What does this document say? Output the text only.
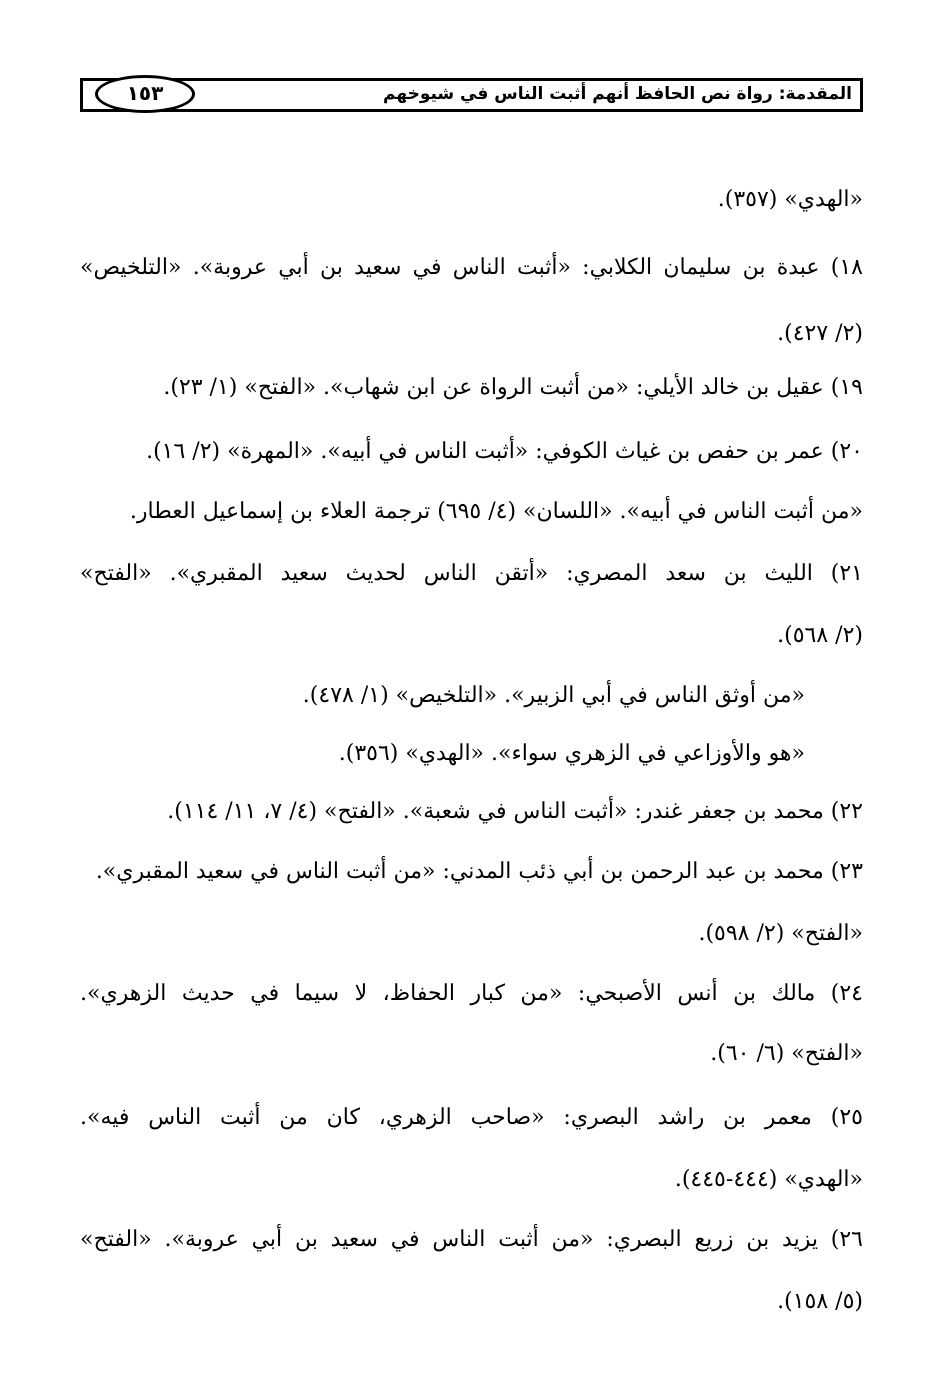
المقدمة: رواة نص الحافظ أنهم أثبت الناس في شيوخهم
١٥٣
«الهدي» (٣٥٧).
١٨) عبدة بن سليمان الكلابي: «أثبت الناس في سعيد بن أبي عروبة». «التلخيص»
(٢/ ٤٢٧).
١٩) عقيل بن خالد الأيلي: «من أثبت الرواة عن ابن شهاب». «الفتح» (١/ ٢٣).
٢٠) عمر بن حفص بن غياث الكوفي: «أثبت الناس في أبيه». «المهرة» (٢/ ١٦).
«من أثبت الناس في أبيه». «اللسان» (٤/ ٦٩٥) ترجمة العلاء بن إسماعيل العطار.
٢١) الليث بن سعد المصري: «أتقن الناس لحديث سعيد المقبري». «الفتح»
(٢/ ٥٦٨).
«من أوثق الناس في أبي الزبير». «التلخيص» (١/ ٤٧٨).
«هو والأوزاعي في الزهري سواء». «الهدي» (٣٥٦).
٢٢) محمد بن جعفر غندر: «أثبت الناس في شعبة». «الفتح» (٤/ ٧، ١١/ ١١٤).
٢٣) محمد بن عبد الرحمن بن أبي ذئب المدني: «من أثبت الناس في سعيد المقبري».
«الفتح» (٢/ ٥٩٨).
٢٤) مالك بن أنس الأصبحي: «من كبار الحفاظ، لا سيما في حديث الزهري».
«الفتح» (٦/ ٦٠).
٢٥) معمر بن راشد البصري: «صاحب الزهري، كان من أثبت الناس فيه».
«الهدي» (٤٤٤-٤٤٥).
٢٦) يزيد بن زريع البصري: «من أثبت الناس في سعيد بن أبي عروبة». «الفتح»
(٥/ ١٥٨).
